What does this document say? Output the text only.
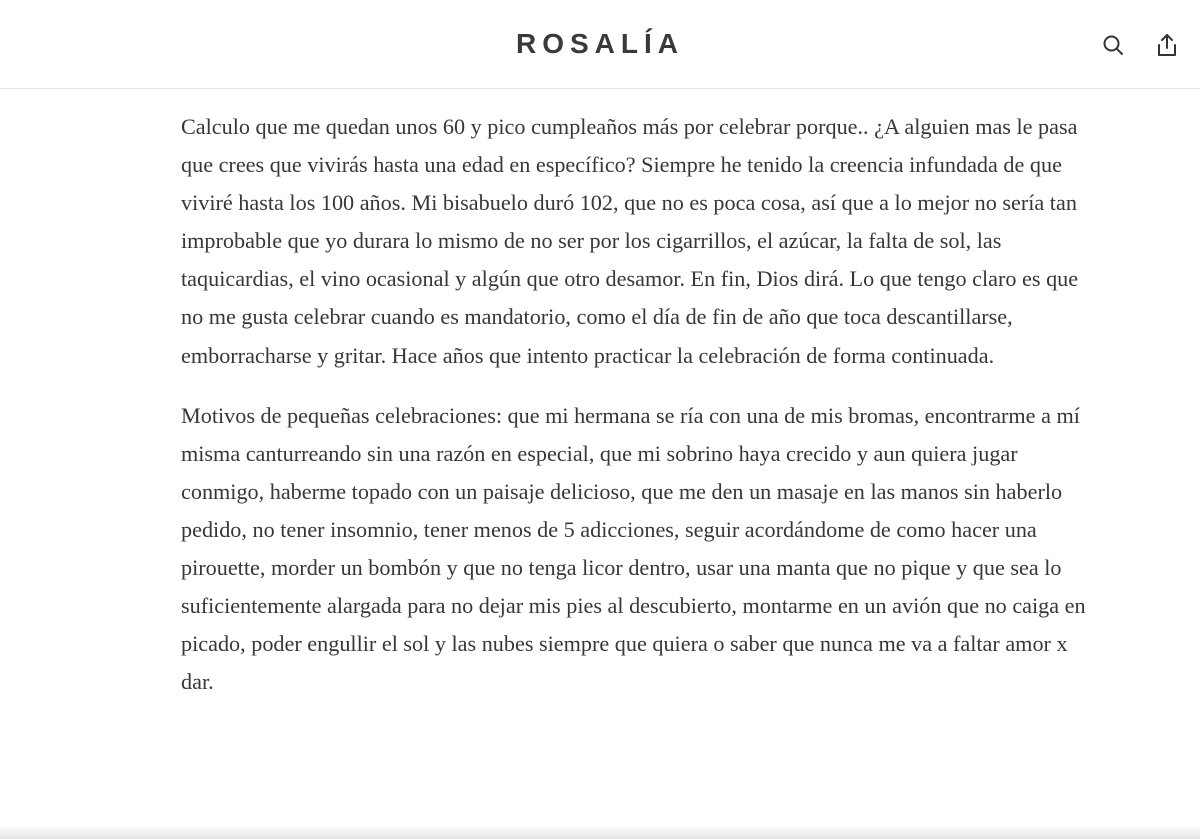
ROSALÍA

Calculo que me quedan unos 60 y pico cumpleaños más por celebrar porque.. ¿A alguien mas le pasa que crees que vivirás hasta una edad en específico? Siempre he tenido la creencia infundada de que viviré hasta los 100 años. Mi bisabuelo duró 102, que no es poca cosa, así que a lo mejor no sería tan improbable que yo durara lo mismo de no ser por los cigarrillos, el azúcar, la falta de sol, las taquicardias, el vino ocasional y algún que otro desamor. En fin, Dios dirá. Lo que tengo claro es que no me gusta celebrar cuando es mandatorio, como el día de fin de año que toca descantillarse, emborracharse y gritar. Hace años que intento practicar la celebración de forma continuada.

Motivos de pequeñas celebraciones: que mi hermana se ría con una de mis bromas, encontrarme a mí misma canturreando sin una razón en especial, que mi sobrino haya crecido y aun quiera jugar conmigo, haberme topado con un paisaje delicioso, que me den un masaje en las manos sin haberlo pedido, no tener insomnio, tener menos de 5 adicciones, seguir acordándome de como hacer una pirouette, morder un bombón y que no tenga licor dentro, usar una manta que no pique y que sea lo suficientemente alargada para no dejar mis pies al descubierto, montarme en un avión que no caiga en picado, poder engullir el sol y las nubes siempre que quiera o saber que nunca me va a faltar amor x dar.
